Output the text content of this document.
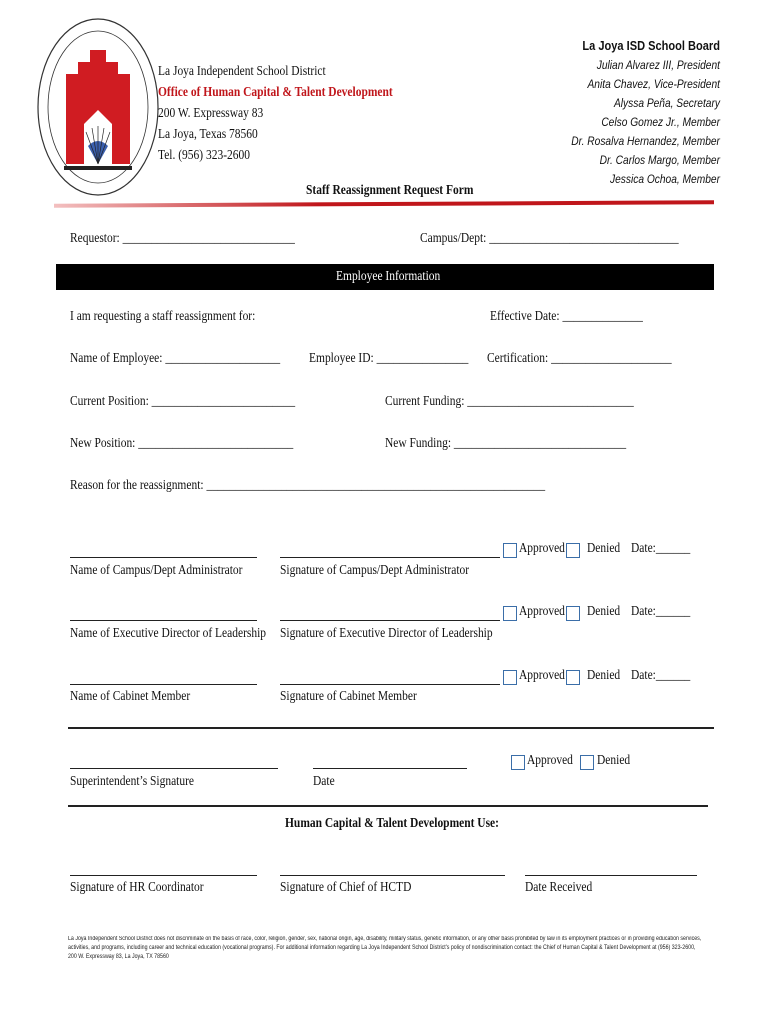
La Joya Independent School District
Office of Human Capital & Talent Development
200 W. Expressway 83
La Joya, Texas 78560
Tel. (956) 323-2600
La Joya ISD School Board
Julian Alvarez III, President
Anita Chavez, Vice-President
Alyssa Peña, Secretary
Celso Gomez Jr., Member
Dr. Rosalva Hernandez, Member
Dr. Carlos Margo, Member
Jessica Ochoa, Member
Staff Reassignment Request Form
Requestor: ______________________________	Campus/Dept: _________________________________
Employee Information
I am requesting a staff reassignment for:	Effective Date: ______________
Name of Employee: ____________________ Employee ID: ________________ Certification: _____________________
Current Position: _________________________	Current Funding: _____________________________
New Position: ___________________________	New Funding: ______________________________
Reason for the reassignment: ___________________________________________________________
Approved Denied Date:______
Name of Campus/Dept Administrator	Signature of Campus/Dept Administrator
Approved Denied Date:______
Name of Executive Director of Leadership Signature of Executive Director of Leadership
Approved Denied Date:______
Name of Cabinet Member	Signature of Cabinet Member
Approved Denied
Superintendent’s Signature	Date
Human Capital & Talent Development Use:
Signature of HR Coordinator	Signature of Chief of HCTD	Date Received
La Joya Independent School District does not discriminate on the basis of race, color, religion, gender, sex, national origin, age, disability, military status, genetic information, or any other basis prohibited by law in its employment practices or in providing education services, activities, and programs, including career and technical education (vocational programs). For additional information regarding La Joya Independent School District's policy of nondiscrimination contact: the Chief of Human Capital & Talent Development at (956) 323-2600, 200 W. Expressway 83, La Joya, TX 78560
